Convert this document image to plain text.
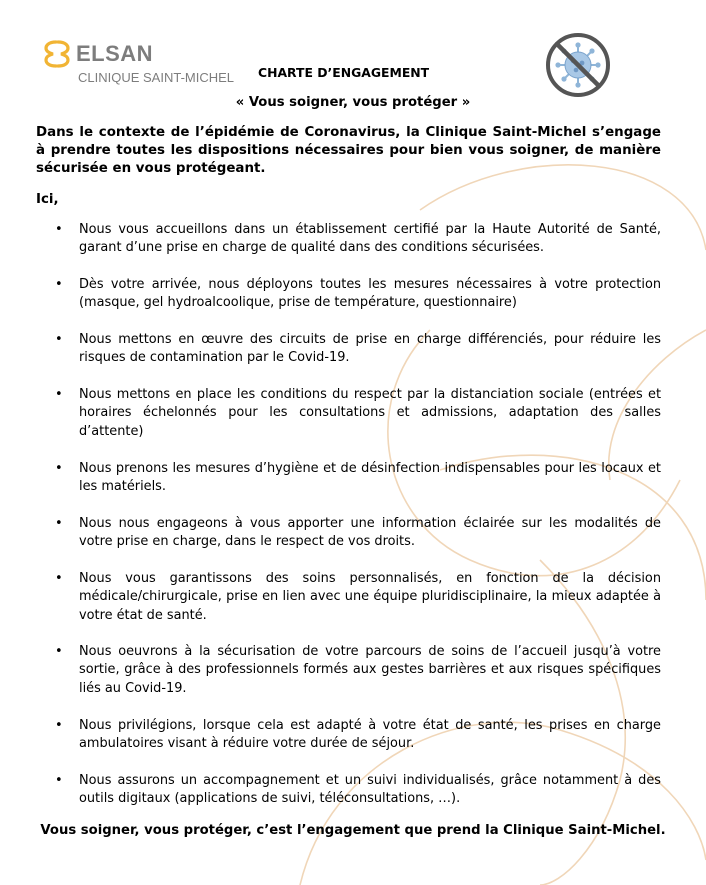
ELSAN
CLINIQUE SAINT-MICHEL CHARTE D’ENGAGEMENT
« Vous soigner, vous protéger »
Dans le contexte de l’épidémie de Coronavirus, la Clinique Saint-Michel s’engage à prendre toutes les dispositions nécessaires pour bien vous soigner, de manière sécurisée en vous protégeant.
Ici,
• Nous vous accueillons dans un établissement certifié par la Haute Autorité de Santé, garant d’une prise en charge de qualité dans des conditions sécurisées.
• Dès votre arrivée, nous déployons toutes les mesures nécessaires à votre protection (masque, gel hydroalcoolique, prise de température, questionnaire)
• Nous mettons en œuvre des circuits de prise en charge différenciés, pour réduire les risques de contamination par le Covid-19.
• Nous mettons en place les conditions du respect par la distanciation sociale (entrées et horaires échelonnés pour les consultations et admissions, adaptation des salles d’attente)
• Nous prenons les mesures d’hygiène et de désinfection indispensables pour les locaux et les matériels.
• Nous nous engageons à vous apporter une information éclairée sur les modalités de votre prise en charge, dans le respect de vos droits.
• Nous vous garantissons des soins personnalisés, en fonction de la décision médicale/chirurgicale, prise en lien avec une équipe pluridisciplinaire, la mieux adaptée à votre état de santé.
• Nous oeuvrons à la sécurisation de votre parcours de soins de l’accueil jusqu’à votre sortie, grâce à des professionnels formés aux gestes barrières et aux risques spécifiques liés au Covid-19.
• Nous privilégions, lorsque cela est adapté à votre état de santé, les prises en charge ambulatoires visant à réduire votre durée de séjour.
• Nous assurons un accompagnement et un suivi individualisés, grâce notamment à des outils digitaux (applications de suivi, téléconsultations, …).
Vous soigner, vous protéger, c’est l’engagement que prend la Clinique Saint-Michel.
